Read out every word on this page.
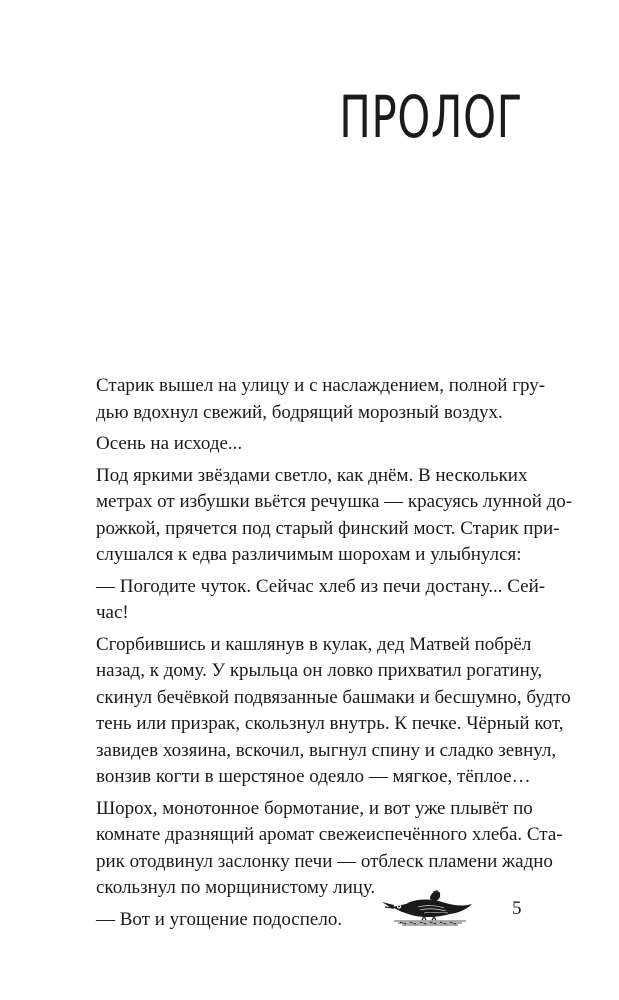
ПРОЛОГ
Старик вышел на улицу и с наслаждением, полной гру-
дью вдохнул свежий, бодрящий морозный воздух.
Осень на исходе...
Под яркими звёздами светло, как днём. В нескольких
метрах от избушки вьётся речушка — красуясь лунной до-
рожкой, прячется под старый финский мост. Старик при-
слушался к едва различимым шорохам и улыбнулся:
— Погодите чуток. Сейчас хлеб из печи достану... Сей-
час!
Сгорбившись и кашлянув в кулак, дед Матвей побрёл
назад, к дому. У крыльца он ловко прихватил рогатину,
скинул бечёвкой подвязанные башмаки и бесшумно, будто
тень или призрак, скользнул внутрь. К печке. Чёрный кот,
завидев хозяина, вскочил, выгнул спину и сладко зевнул,
вонзив когти в шерстяное одеяло — мягкое, тёплое…
Шорох, монотонное бормотание, и вот уже плывёт по
комнате дразнящий аромат свежеиспечённого хлеба. Ста-
рик отодвинул заслонку печи — отблеск пламени жадно
скользнул по морщинистому лицу.
— Вот и угощение подоспело.	5
